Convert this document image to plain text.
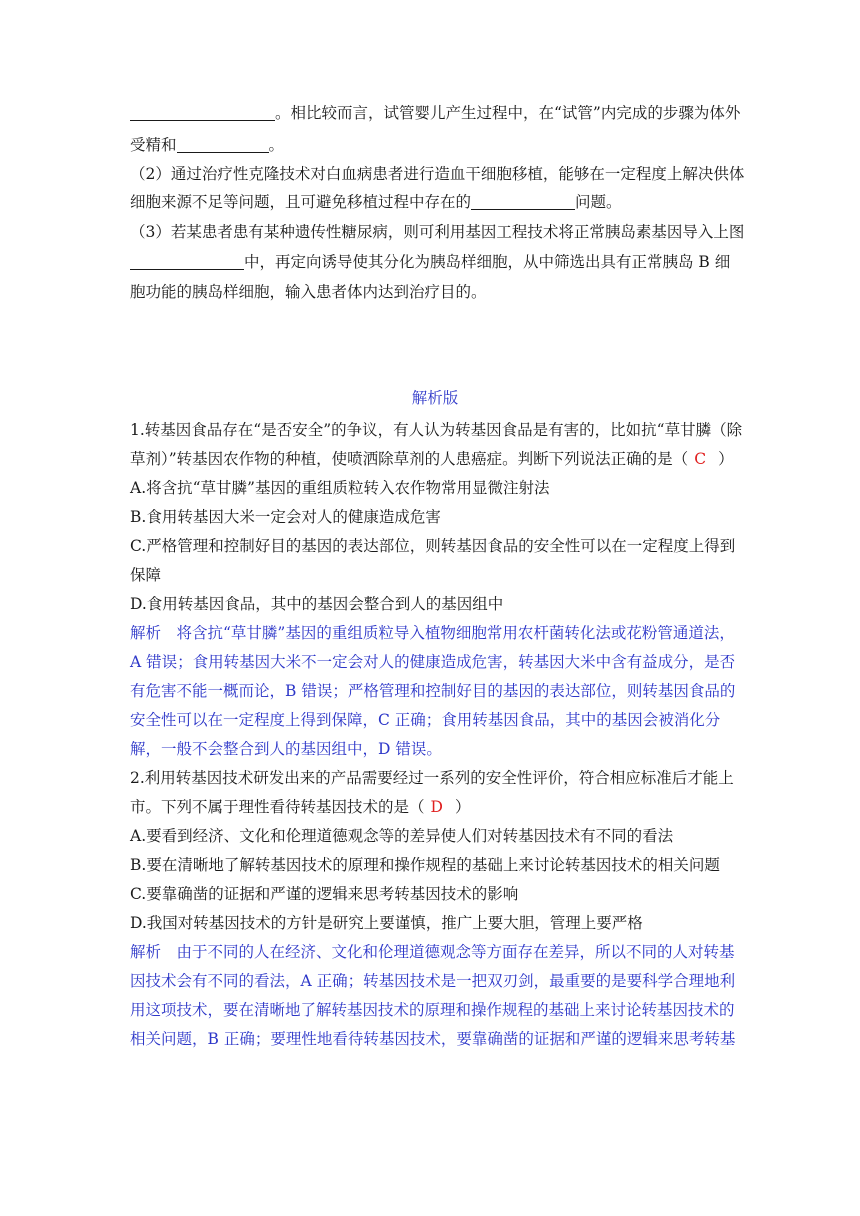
。相比较而言，试管婴儿产生过程中，在“试管”内完成的步骤为体外
受精和	。
（2）通过治疗性克隆技术对白血病患者进行造血干细胞移植，能够在一定程度上解决供体
细胞来源不足等问题，且可避免移植过程中存在的	问题。
（3）若某患者患有某种遗传性糖尿病，则可利用基因工程技术将正常胰岛素基因导入上图
中，再定向诱导使其分化为胰岛样细胞，从中筛选出具有正常胰岛 B 细
胞功能的胰岛样细胞，输入患者体内达到治疗目的。
解析版
1.转基因食品存在“是否安全”的争议，有人认为转基因食品是有害的，比如抗“草甘膦（除
草剂）”转基因农作物的种植，使喷洒除草剂的人患癌症。判断下列说法正确的是（ C ）
A.将含抗“草甘膦”基因的重组质粒转入农作物常用显微注射法
B.食用转基因大米一定会对人的健康造成危害
C.严格管理和控制好目的基因的表达部位，则转基因食品的安全性可以在一定程度上得到
保障
D.食用转基因食品，其中的基因会整合到人的基因组中
解析　将含抗“草甘膦”基因的重组质粒导入植物细胞常用农杆菌转化法或花粉管通道法，
A 错误；食用转基因大米不一定会对人的健康造成危害，转基因大米中含有益成分，是否
有危害不能一概而论，B 错误；严格管理和控制好目的基因的表达部位，则转基因食品的
安全性可以在一定程度上得到保障，C 正确；食用转基因食品，其中的基因会被消化分
解，一般不会整合到人的基因组中，D 错误。
2.利用转基因技术研发出来的产品需要经过一系列的安全性评价，符合相应标准后才能上
市。下列不属于理性看待转基因技术的是（ D ）
A.要看到经济、文化和伦理道德观念等的差异使人们对转基因技术有不同的看法
B.要在清晰地了解转基因技术的原理和操作规程的基础上来讨论转基因技术的相关问题
C.要靠确凿的证据和严谨的逻辑来思考转基因技术的影响
D.我国对转基因技术的方针是研究上要谨慎，推广上要大胆，管理上要严格
解析　由于不同的人在经济、文化和伦理道德观念等方面存在差异，所以不同的人对转基
因技术会有不同的看法，A 正确；转基因技术是一把双刃剑，最重要的是要科学合理地利
用这项技术，要在清晰地了解转基因技术的原理和操作规程的基础上来讨论转基因技术的
相关问题，B 正确；要理性地看待转基因技术，要靠确凿的证据和严谨的逻辑来思考转基
